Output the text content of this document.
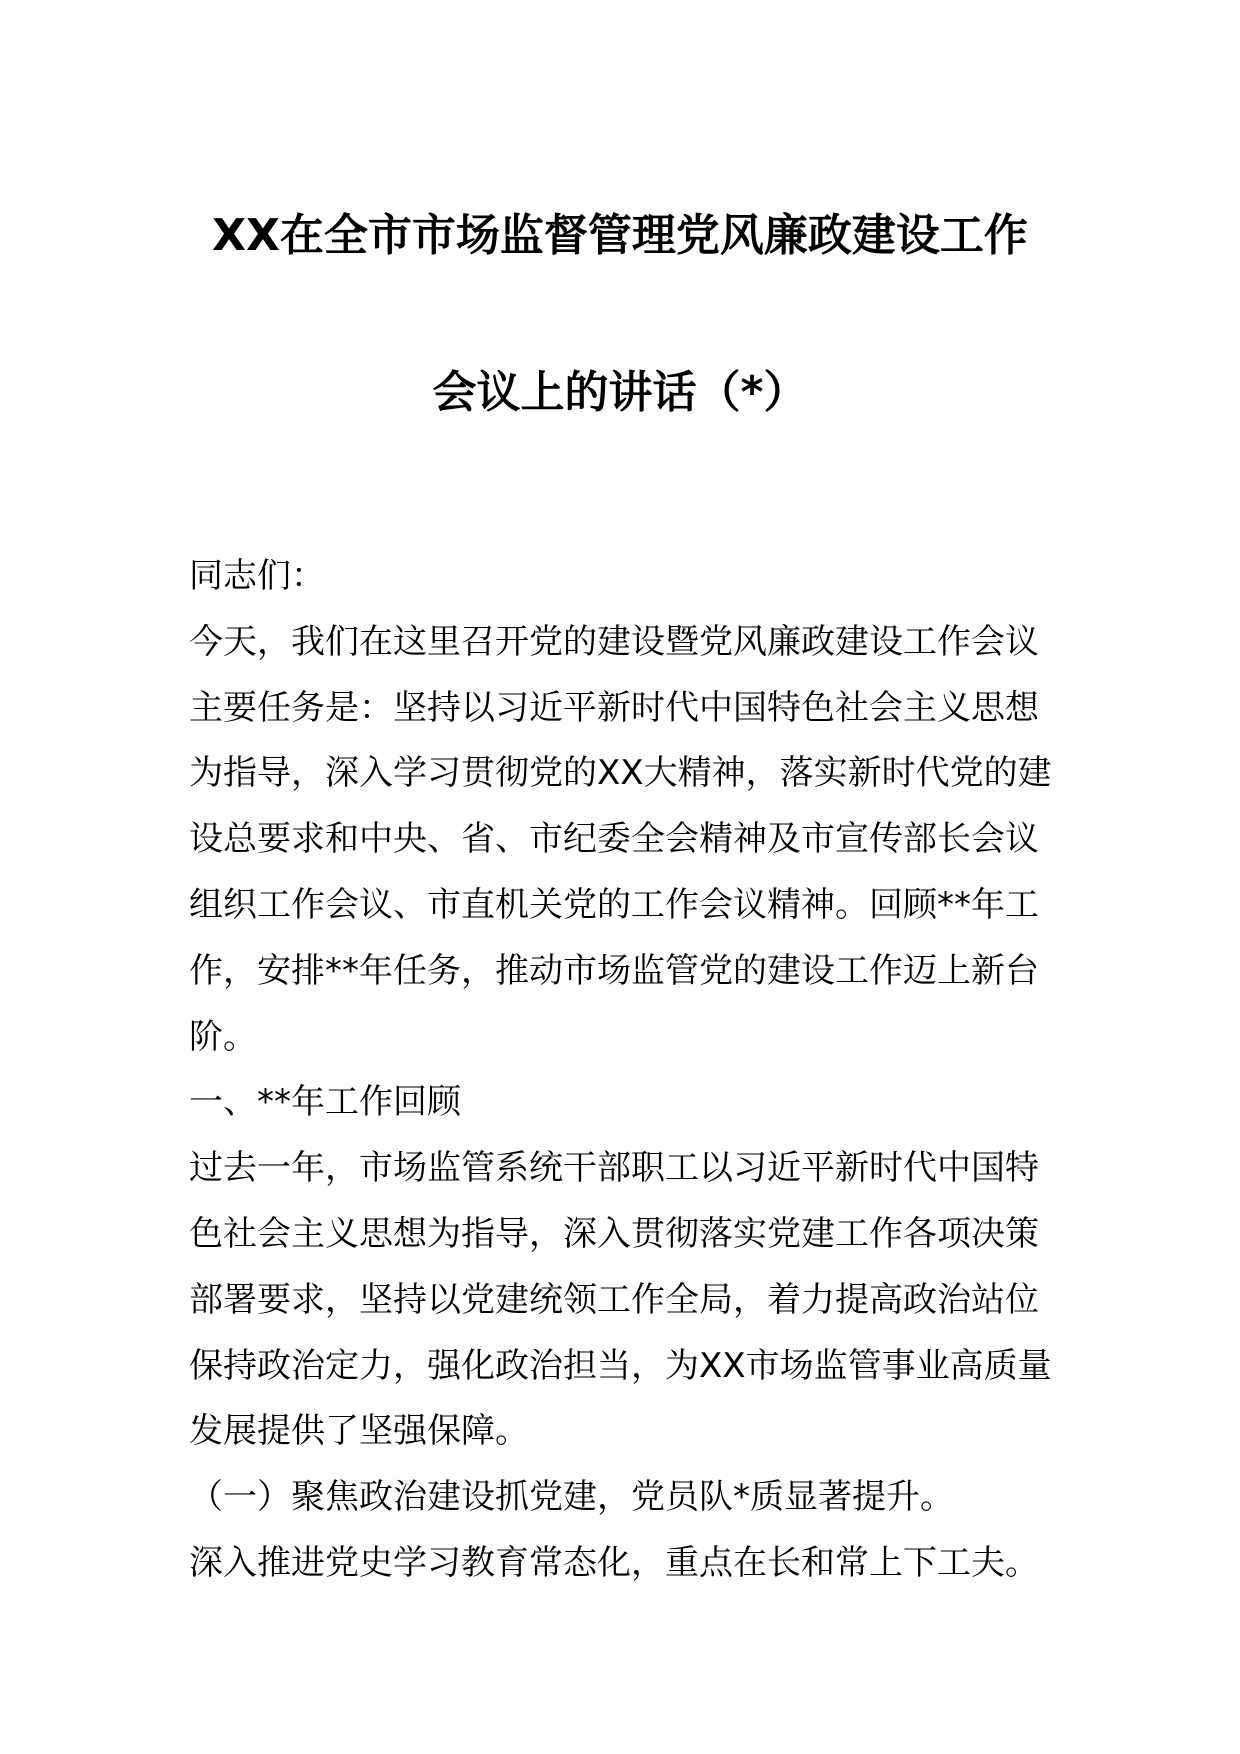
XX在全市市场监督管理党风廉政建设工作
会议上的讲话（*）
同志们：
今天，我们在这里召开党的建设暨党风廉政建设工作会议
主要任务是：坚持以习近平新时代中国特色社会主义思想
为指导，深入学习贯彻党的XX大精神，落实新时代党的建
设总要求和中央、省、市纪委全会精神及市宣传部长会议
组织工作会议、市直机关党的工作会议精神。回顾**年工
作，安排**年任务，推动市场监管党的建设工作迈上新台
阶。
一、**年工作回顾
过去一年，市场监管系统干部职工以习近平新时代中国特
色社会主义思想为指导，深入贯彻落实党建工作各项决策
部署要求，坚持以党建统领工作全局，着力提高政治站位
保持政治定力，强化政治担当，为XX市场监管事业高质量
发展提供了坚强保障。
（一）聚焦政治建设抓党建，党员队*质显著提升。
深入推进党史学习教育常态化，重点在长和常上下工夫。
